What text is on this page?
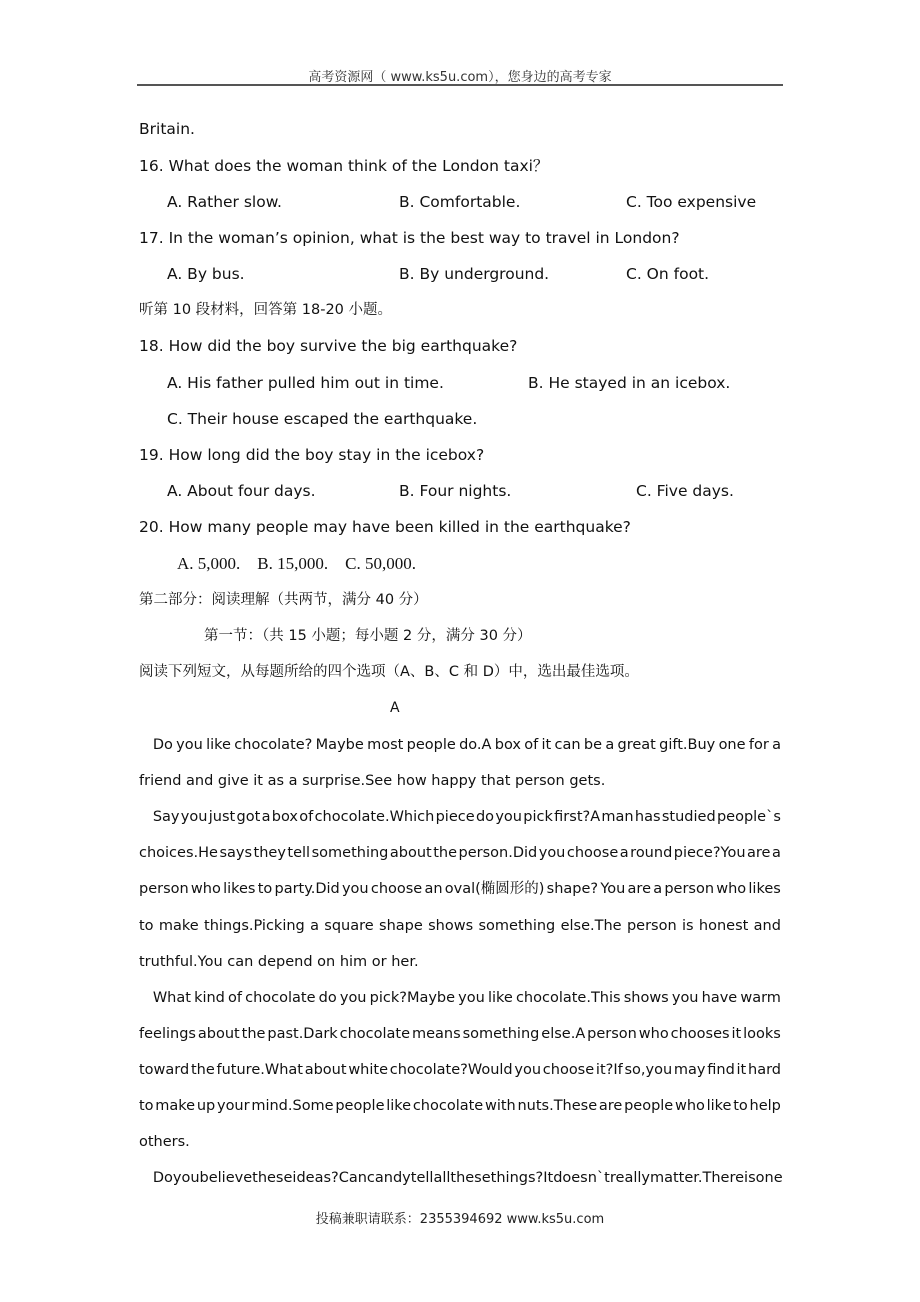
高考资源网（ www.ks5u.com），您身边的高考专家
Britain.
16. What does the woman think of the London taxi？
A. Rather slow.	B. Comfortable.	C. Too expensive
17. In the woman’s opinion, what is the best way to travel in London?
A. By bus.	B. By underground.	C. On foot.
听第 10 段材料，回答第 18-20 小题。
18. How did the boy survive the big earthquake?
A. His father pulled him out in time.	B. He stayed in an icebox.
C. Their house escaped the earthquake.
19. How long did the boy stay in the icebox?
A. About four days.	B. Four nights.	C. Five days.
20. How many people may have been killed in the earthquake?
A. 5,000.    B. 15,000.    C. 50,000.
第二部分：阅读理解（共两节，满分 40 分）
第一节：（共 15 小题；每小题 2 分，满分 30 分）
阅读下列短文，从每题所给的四个选项（A、B、C 和 D）中，选出最佳选项。
A
Do you like chocolate? Maybe most people do.A box of it can be a great gift.Buy one for a
friend and give it as a surprise.See how happy that person gets.
Say you just got a box of chocolate.Which piece do you pick first?A man has studied people`s
choices.He says they tell something about the person.Did you choose a round piece?You are a
person who likes to party.Did you choose an oval(椭圆形的) shape? You are a person who likes
to make things.Picking a square shape shows something else.The person is honest and
truthful.You can depend on him or her.
What kind of chocolate do you pick?Maybe you like chocolate.This shows you have warm
feelings about the past.Dark chocolate means something else.A person who chooses it looks
toward the future.What about white chocolate?Would you choose it?If so,you may find it hard
to make up your mind.Some people like chocolate with nuts.These are people who like to help
others.
Do you believe these ideas?Can candy tell all these things?It doesn`t really matter.There is one
投稿兼职请联系：2355394692 www.ks5u.com
